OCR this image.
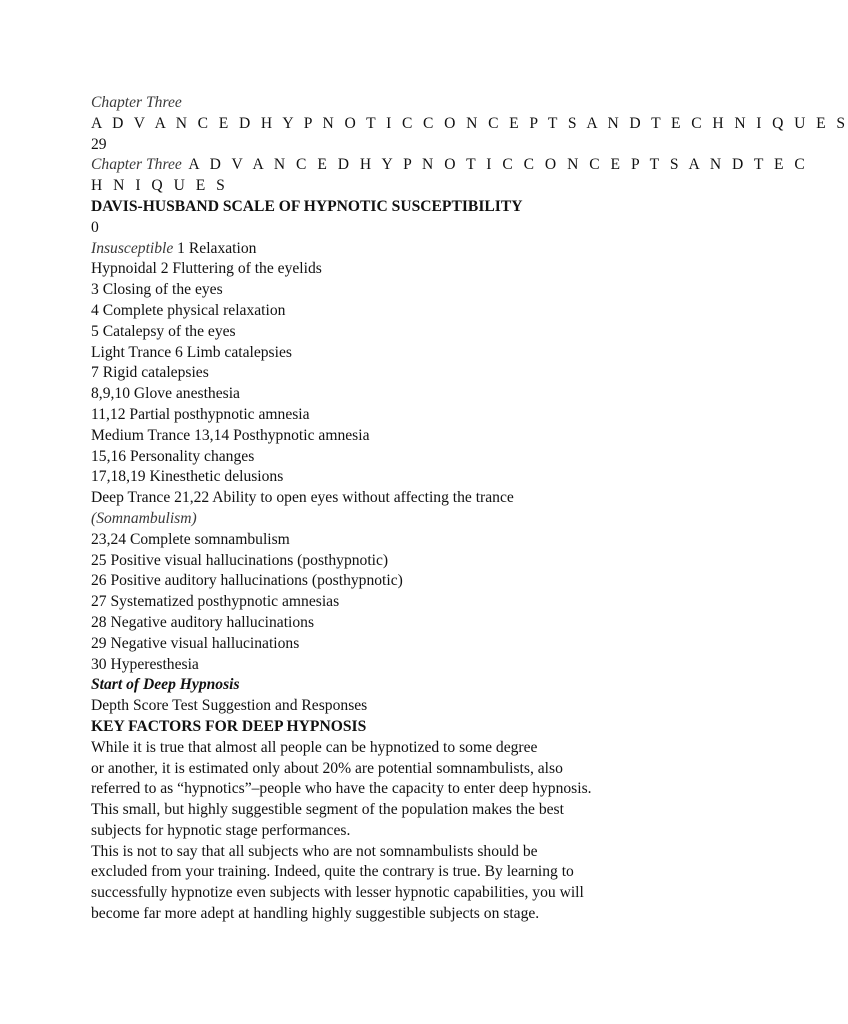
Chapter Three
A D V A N C E D H Y P N O T I C C O N C E P T S A N D T E C H N I Q U E S
29
Chapter Three A D V A N C E D H Y P N O T I C C O N C E P T S A N D T E C
H N I Q U E S
DAVIS-HUSBAND SCALE OF HYPNOTIC SUSCEPTIBILITY
0
Insusceptible 1 Relaxation
Hypnoidal 2 Fluttering of the eyelids
3 Closing of the eyes
4 Complete physical relaxation
5 Catalepsy of the eyes
Light Trance 6 Limb catalepsies
7 Rigid catalepsies
8,9,10 Glove anesthesia
11,12 Partial posthypnotic amnesia
Medium Trance 13,14 Posthypnotic amnesia
15,16 Personality changes
17,18,19 Kinesthetic delusions
Deep Trance 21,22 Ability to open eyes without affecting the trance
(Somnambulism)
23,24 Complete somnambulism
25 Positive visual hallucinations (posthypnotic)
26 Positive auditory hallucinations (posthypnotic)
27 Systematized posthypnotic amnesias
28 Negative auditory hallucinations
29 Negative visual hallucinations
30 Hyperesthesia
Start of Deep Hypnosis
Depth Score Test Suggestion and Responses
KEY FACTORS FOR DEEP HYPNOSIS
While it is true that almost all people can be hypnotized to some degree
or another, it is estimated only about 20% are potential somnambulists, also
referred to as “hypnotics”–people who have the capacity to enter deep hypnosis.
This small, but highly suggestible segment of the population makes the best
subjects for hypnotic stage performances.
This is not to say that all subjects who are not somnambulists should be
excluded from your training. Indeed, quite the contrary is true. By learning to
successfully hypnotize even subjects with lesser hypnotic capabilities, you will
become far more adept at handling highly suggestible subjects on stage.
